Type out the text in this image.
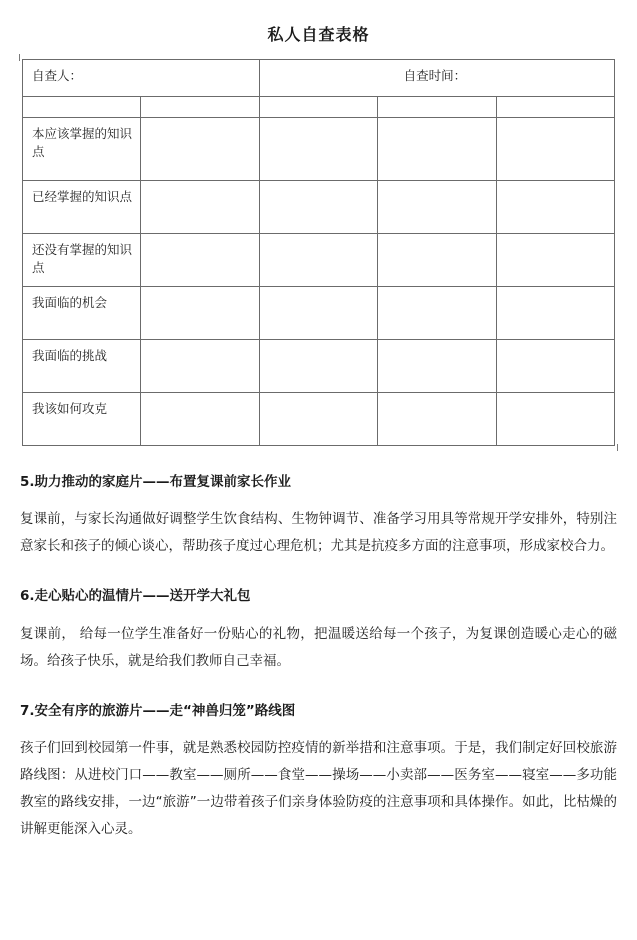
私人自查表格
自查人：		自查时间：		

本应该掌握的知识点				
已经掌握的知识点				
还没有掌握的知识点				
我面临的机会				
我面临的挑战				
我该如何攻克				
5.助力推动的家庭片——布置复课前家长作业

复课前，与家长沟通做好调整学生饮食结构、生物钟调节、准备学习用具等常规开学安排外，特别注意家长和孩子的倾心谈心，帮助孩子度过心理危机；尤其是抗疫多方面的注意事项，形成家校合力。

6.走心贴心的温情片——送开学大礼包

复课前， 给每一位学生准备好一份贴心的礼物，把温暖送给每一个孩子，为复课创造暖心走心的磁场。给孩子快乐，就是给我们教师自己幸福。

7.安全有序的旅游片——走“神兽归笼”路线图

孩子们回到校园第一件事，就是熟悉校园防控疫情的新举措和注意事项。于是，我们制定好回校旅游路线图：从进校门口——教室——厕所——食堂——操场——小卖部——医务室——寝室——多功能教室的路线安排，一边“旅游”一边带着孩子们亲身体验防疫的注意事项和具体操作。如此，比枯燥的讲解更能深入心灵。
